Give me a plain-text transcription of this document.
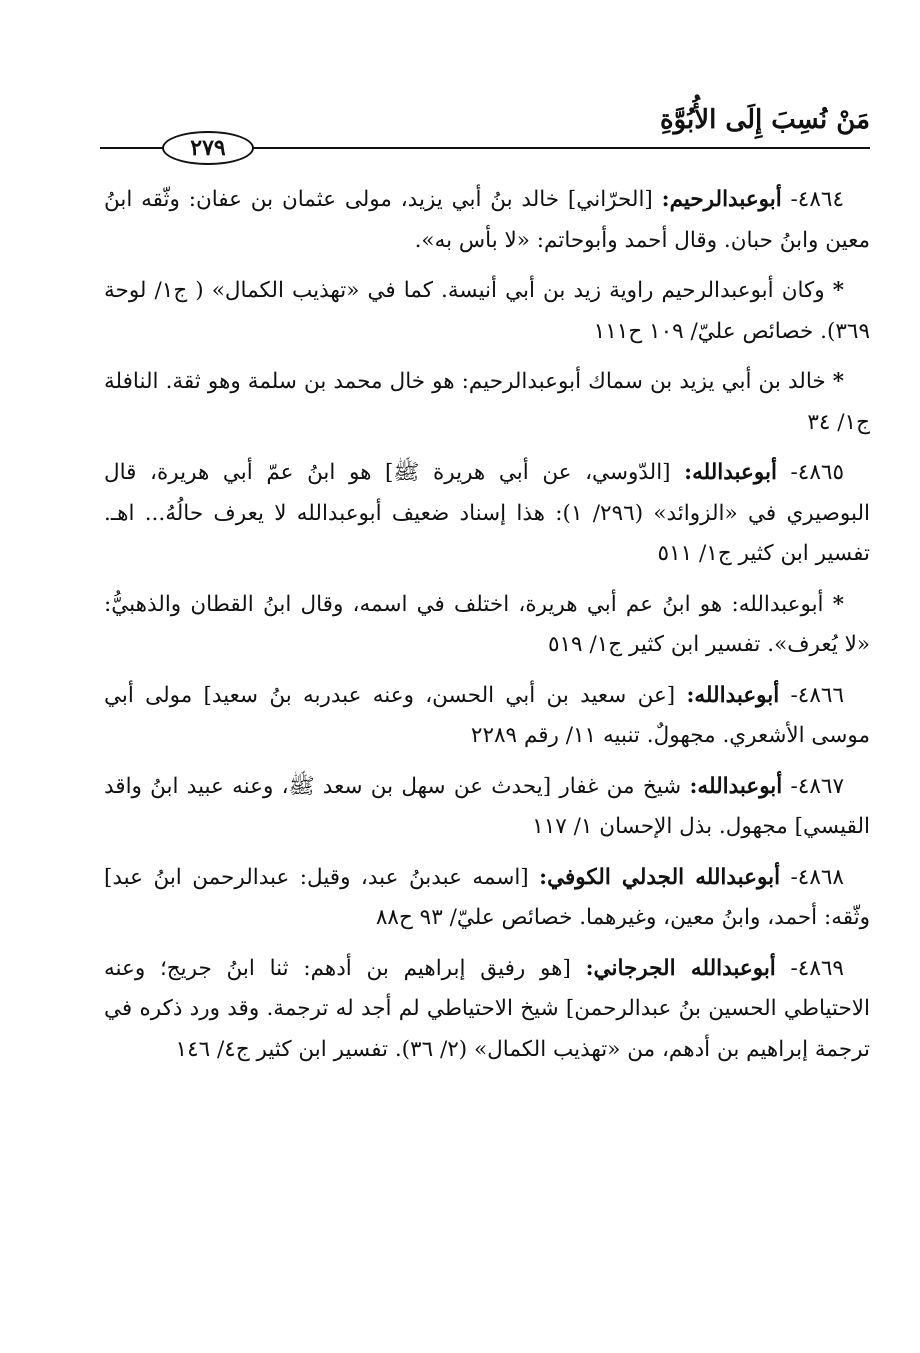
مَنْ نُسِبَ إِلَى الأُبُوَّةِ
٢٧٩

٤٨٦٤- أبوعبدالرحيم: [الحرّاني] خالد بنُ أبي يزيد، مولى عثمان بن عفان: وثّقه ابنُ معين وابنُ حبان. وقال أحمد وأبوحاتم: «لا بأس به».

* وكان أبوعبدالرحيم راوية زيد بن أبي أنيسة. كما في «تهذيب الكمال» ( ج١/ لوحة ٣٦٩). خصائص عليّ/ ١٠٩ ح١١١

* خالد بن أبي يزيد بن سماك أبوعبدالرحيم: هو خال محمد بن سلمة وهو ثقة. النافلة ج١/ ٣٤

٤٨٦٥- أبوعبدالله: [الدّوسي، عن أبي هريرة ﷺ] هو ابنُ عمّ أبي هريرة، قال البوصيري في «الزوائد» (٢٩٦/ ١): هذا إسناد ضعيف أبوعبدالله لا يعرف حالُهُ... اهـ. تفسير ابن كثير ج١/ ٥١١

* أبوعبدالله: هو ابنُ عم أبي هريرة، اختلف في اسمه، وقال ابنُ القطان والذهبيُّ: «لا يُعرف». تفسير ابن كثير ج١/ ٥١٩

٤٨٦٦- أبوعبدالله: [عن سعيد بن أبي الحسن، وعنه عبدربه بنُ سعيد] مولى أبي موسى الأشعري. مجهولٌ. تنبيه ١١/ رقم ٢٢٨٩

٤٨٦٧- أبوعبدالله: شيخ من غفار [يحدث عن سهل بن سعد ﷺ، وعنه عبيد ابنُ واقد القيسي] مجهول. بذل الإحسان ١/ ١١٧

٤٨٦٨- أبوعبدالله الجدلي الكوفي: [اسمه عبدبنُ عبد، وقيل: عبدالرحمن ابنُ عبد] وثّقه: أحمد، وابنُ معين، وغيرهما. خصائص عليّ/ ٩٣ ح٨٨

٤٨٦٩- أبوعبدالله الجرجاني: [هو رفيق إبراهيم بن أدهم: ثنا ابنُ جريج؛ وعنه الاحتياطي الحسين بنُ عبدالرحمن] شيخ الاحتياطي لم أجد له ترجمة. وقد ورد ذكره في ترجمة إبراهيم بن أدهم، من «تهذيب الكمال» (٢/ ٣٦). تفسير ابن كثير ج٤/ ١٤٦
